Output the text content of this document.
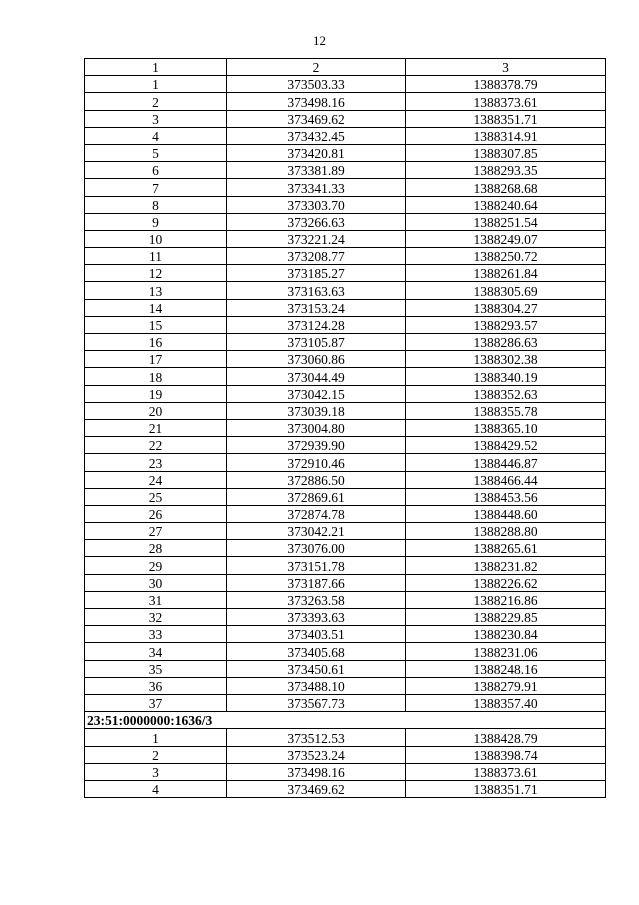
12
1	2	3
1	373503.33	1388378.79
2	373498.16	1388373.61
3	373469.62	1388351.71
4	373432.45	1388314.91
5	373420.81	1388307.85
6	373381.89	1388293.35
7	373341.33	1388268.68
8	373303.70	1388240.64
9	373266.63	1388251.54
10	373221.24	1388249.07
11	373208.77	1388250.72
12	373185.27	1388261.84
13	373163.63	1388305.69
14	373153.24	1388304.27
15	373124.28	1388293.57
16	373105.87	1388286.63
17	373060.86	1388302.38
18	373044.49	1388340.19
19	373042.15	1388352.63
20	373039.18	1388355.78
21	373004.80	1388365.10
22	372939.90	1388429.52
23	372910.46	1388446.87
24	372886.50	1388466.44
25	372869.61	1388453.56
26	372874.78	1388448.60
27	373042.21	1388288.80
28	373076.00	1388265.61
29	373151.78	1388231.82
30	373187.66	1388226.62
31	373263.58	1388216.86
32	373393.63	1388229.85
33	373403.51	1388230.84
34	373405.68	1388231.06
35	373450.61	1388248.16
36	373488.10	1388279.91
37	373567.73	1388357.40
23:51:0000000:1636/3		
1	373512.53	1388428.79
2	373523.24	1388398.74
3	373498.16	1388373.61
4	373469.62	1388351.71
